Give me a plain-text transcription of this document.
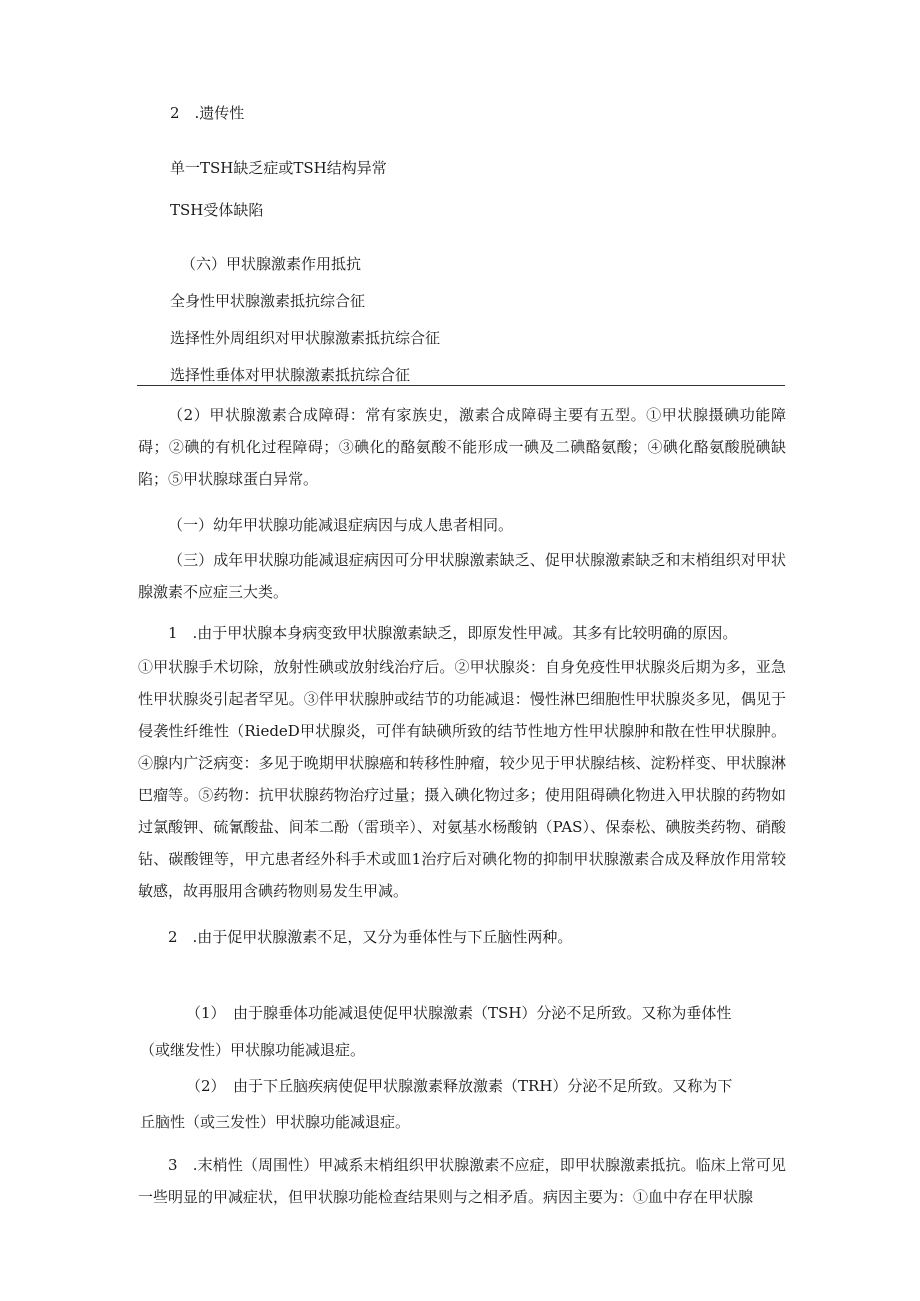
2　.遗传性

单一TSH缺乏症或TSH结构异常

TSH受体缺陷

（六）甲状腺激素作用抵抗

全身性甲状腺激素抵抗综合征

选择性外周组织对甲状腺激素抵抗综合征

选择性垂体对甲状腺激素抵抗综合征

（2）甲状腺激素合成障碍：常有家族史，激素合成障碍主要有五型。①甲状腺摄碘功能障碍；②碘的有机化过程障碍；③碘化的酪氨酸不能形成一碘及二碘酪氨酸；④碘化酪氨酸脱碘缺陷；⑤甲状腺球蛋白异常。

（一）幼年甲状腺功能减退症病因与成人患者相同。

（三）成年甲状腺功能减退症病因可分甲状腺激素缺乏、促甲状腺激素缺乏和末梢组织对甲状腺激素不应症三大类。

1　.由于甲状腺本身病变致甲状腺激素缺乏，即原发性甲减。其多有比较明确的原因。

①甲状腺手术切除，放射性碘或放射线治疗后。②甲状腺炎：自身免疫性甲状腺炎后期为多，亚急性甲状腺炎引起者罕见。③伴甲状腺肿或结节的功能减退：慢性淋巴细胞性甲状腺炎多见，偶见于侵袭性纤维性（RiedeD甲状腺炎，可伴有缺碘所致的结节性地方性甲状腺肿和散在性甲状腺肿。④腺内广泛病变：多见于晚期甲状腺癌和转移性肿瘤，较少见于甲状腺结核、淀粉样变、甲状腺淋巴瘤等。⑤药物：抗甲状腺药物治疗过量；摄入碘化物过多；使用阻碍碘化物进入甲状腺的药物如过氯酸钾、硫氰酸盐、间苯二酚（雷琐辛）、对氨基水杨酸钠（PAS）、保泰松、碘胺类药物、硝酸钻、碳酸锂等，甲亢患者经外科手术或皿1治疗后对碘化物的抑制甲状腺激素合成及释放作用常较敏感，故再服用含碘药物则易发生甲减。

2　.由于促甲状腺激素不足，又分为垂体性与下丘脑性两种。

（1）　由于腺垂体功能减退使促甲状腺激素（TSH）分泌不足所致。又称为垂体性

（或继发性）甲状腺功能减退症。

（2）　由于下丘脑疾病使促甲状腺激素释放激素（TRH）分泌不足所致。又称为下

丘脑性（或三发性）甲状腺功能减退症。

3　.末梢性（周围性）甲减系末梢组织甲状腺激素不应症，即甲状腺激素抵抗。临床上常可见一些明显的甲减症状，但甲状腺功能检查结果则与之相矛盾。病因主要为：①血中存在甲状腺
